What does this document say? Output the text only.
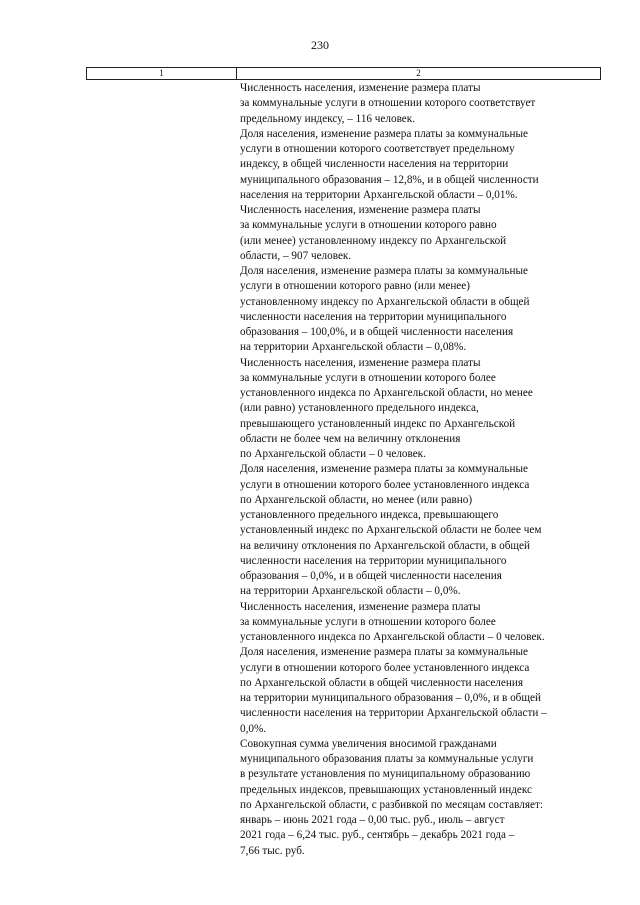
230
1	2

Численность населения, изменение размера платы
за коммунальные услуги в отношении которого соответствует
предельному индексу, – 116 человек.

Доля населения, изменение размера платы за коммунальные
услуги в отношении которого соответствует предельному
индексу, в общей численности населения на территории
муниципального образования – 12,8%, и в общей численности
населения на территории Архангельской области – 0,01%.

Численность населения, изменение размера платы
за коммунальные услуги в отношении которого равно
(или менее) установленному индексу по Архангельской
области, – 907 человек.

Доля населения, изменение размера платы за коммунальные
услуги в отношении которого равно (или менее)
установленному индексу по Архангельской области в общей
численности населения на территории муниципального
образования – 100,0%, и в общей численности населения
на территории Архангельской области – 0,08%.

Численность населения, изменение размера платы
за коммунальные услуги в отношении которого более
установленного индекса по Архангельской области, но менее
(или равно) установленного предельного индекса,
превышающего установленный индекс по Архангельской
области не более чем на величину отклонения
по Архангельской области – 0 человек.

Доля населения, изменение размера платы за коммунальные
услуги в отношении которого более установленного индекса
по Архангельской области, но менее (или равно)
установленного предельного индекса, превышающего
установленный индекс по Архангельской области не более чем
на величину отклонения по Архангельской области, в общей
численности населения на территории муниципального
образования – 0,0%, и в общей численности населения
на территории Архангельской области – 0,0%.

Численность населения, изменение размера платы
за коммунальные услуги в отношении которого более
установленного индекса по Архангельской области – 0 человек.

Доля населения, изменение размера платы за коммунальные
услуги в отношении которого более установленного индекса
по Архангельской области в общей численности населения
на территории муниципального образования – 0,0%, и в общей
численности населения на территории Архангельской области –
0,0%.

Совокупная сумма увеличения вносимой гражданами
муниципального образования платы за коммунальные услуги
в результате установления по муниципальному образованию
предельных индексов, превышающих установленный индекс
по Архангельской области, с разбивкой по месяцам составляет:
январь – июнь 2021 года – 0,00 тыс. руб., июль – август
2021 года – 6,24 тыс. руб., сентябрь – декабрь 2021 года –
7,66 тыс. руб.
